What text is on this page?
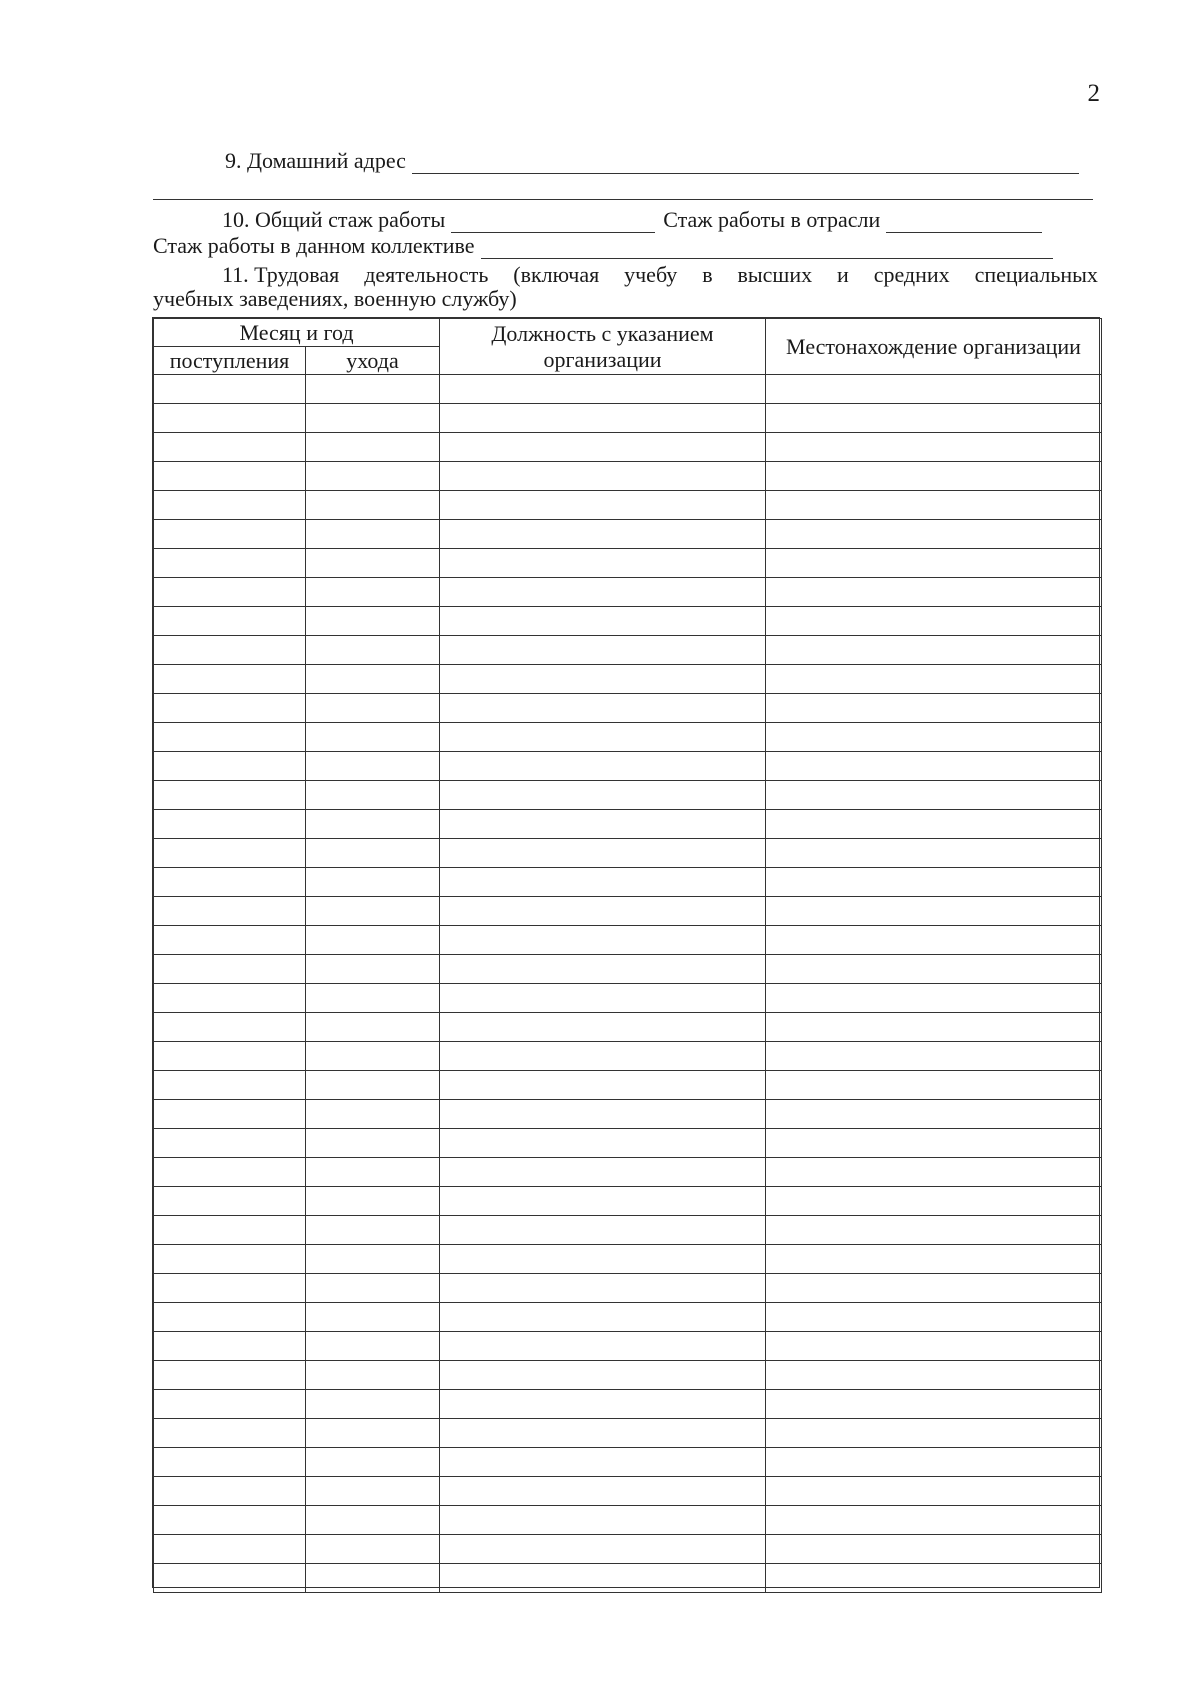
2
9. Домашний адрес
10. Общий стаж работы	Стаж работы в отрасли
Стаж работы в данном коллективе
11. Трудовая деятельность (включая учебу в высших и средних специальных
учебных заведениях, военную службу)
Месяц и год		Должность с указанием организации	Местонахождение организации
поступления	ухода		
